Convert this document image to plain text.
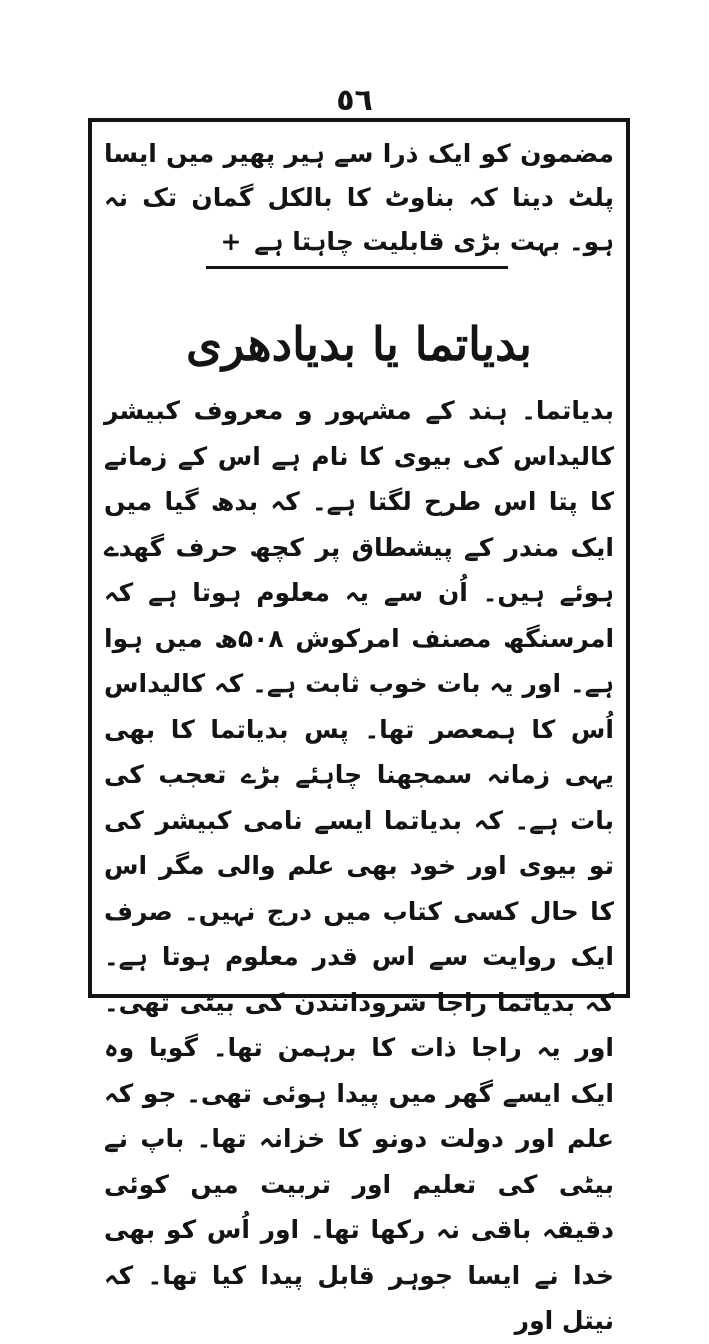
٥٦
مضمون کو ایک ذرا سے ہیر پھیر میں ایسا پلٹ دینا کہ بناوٹ کا بالکل گمان تک نہ ہو۔ بہت بڑی قابلیت چاہتا ہے +
بدیاتما یا بدیادھری

بدیاتما۔ ہند کے مشہور و معروف کبیشر کالیداس کی بیوی کا نام ہے اس کے زمانے کا پتا اس طرح لگتا ہے۔ کہ بدھ گیا میں ایک مندر کے پیشطاق پر کچھ حرف گھدے ہوئے ہیں۔ اُن سے یہ معلوم ہوتا ہے کہ امرسنگھ مصنف امرکوش ۵۰۸ھ میں ہوا ہے۔ اور یہ بات خوب ثابت ہے۔ کہ کالیداس اُس کا ہمعصر تھا۔ پس بدیاتما کا بھی یہی زمانہ سمجھنا چاہئے بڑے تعجب کی بات ہے۔ کہ بدیاتما ایسے نامی کبیشر کی تو بیوی اور خود بھی علم والی مگر اس کا حال کسی کتاب میں درج نہیں۔ صرف ایک روایت سے اس قدر معلوم ہوتا ہے۔ کہ بدیاتما راجا شرودانندن کی بیٹی تھی۔ اور یہ راجا ذات کا برہمن تھا۔ گویا وہ ایک ایسے گھر میں پیدا ہوئی تھی۔ جو کہ علم اور دولت دونو کا خزانہ تھا۔ باپ نے بیٹی کی تعلیم اور تربیت میں کوئی دقیقہ باقی نہ رکھا تھا۔ اور اُس کو بھی خدا نے ایسا جوہر قابل پیدا کیا تھا۔ کہ نیتل اور
